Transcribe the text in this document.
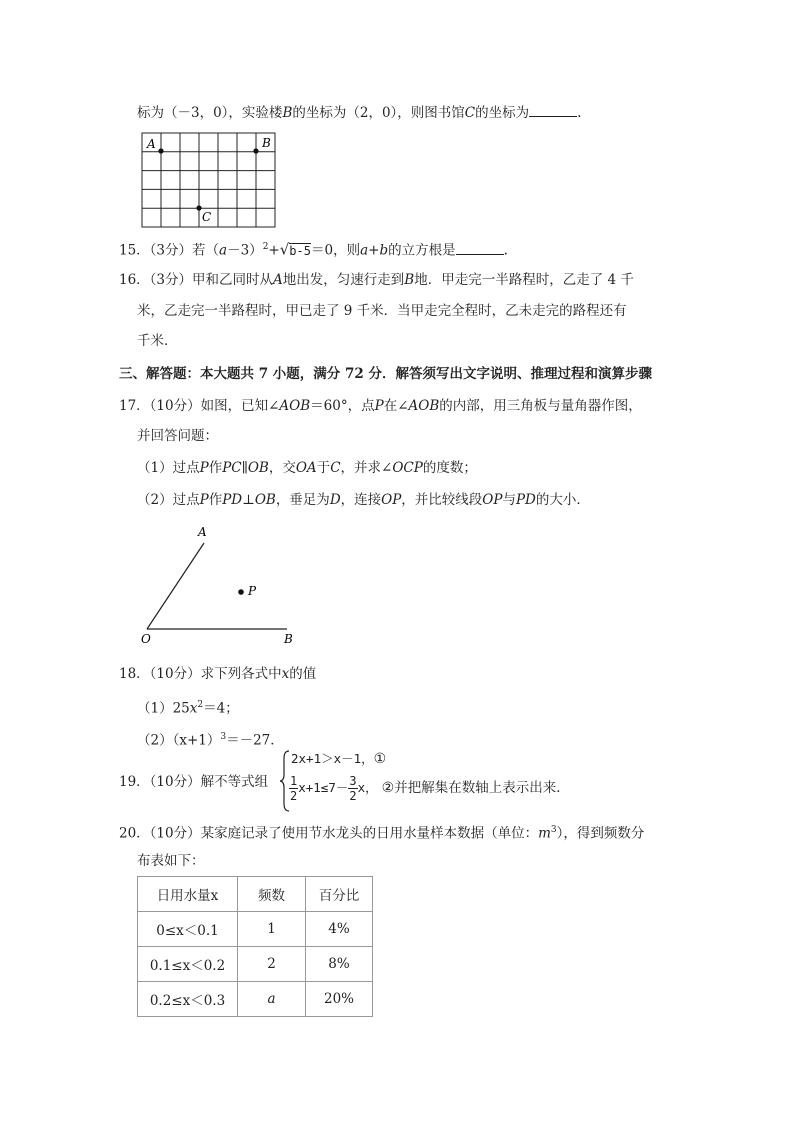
标为（－3，0），实验楼B的坐标为（2，0），则图书馆C的坐标为	.
A	B
C
15．（3分）若$(a-3)^2+√b-5=0$，则a+b的立方根是	.
16．（3分）甲和乙同时从A地出发，匀速行走到B地．甲走完一半路程时，乙走了 4 千
米，乙走完一半路程时，甲已走了 9 千米．当甲走完全程时，乙未走完的路程还有
千米．
三、解答题：本大题共 7 小题，满分 72 分．解答须写出文字说明、推理过程和演算步骤
17．（10分）如图，已知∠AOB＝60°，点P在∠AOB的内部，用三角板与量角器作图，
并回答问题：
（1）过点P作PC∥OB，交OA于C，并求∠OCP的度数；
（2）过点P作PD⊥OB，垂足为D，连接OP，并比较线段OP与PD的大小．
A
O	B
P
18．（10分）求下列各式中x的值
$(1)25x^2=4$；
$(2)(x+1)^3=-27$．
19．（10分）解不等式组
2x+1＞x－1，①
$\frac{1}{2} x+1\le 7- \frac{3}{2}$ x， ②并把解集在数轴上表示出来．
20．（10分）某家庭记录了使用节水龙头的日用水量样本数据（单位：$m^3$），得到频数分
布表如下：
日用水量x	频数	百分比
0≤x＜0.1	1	4%
0.1≤x＜0.2	2	8%
0.2≤x＜0.3	a	20%
